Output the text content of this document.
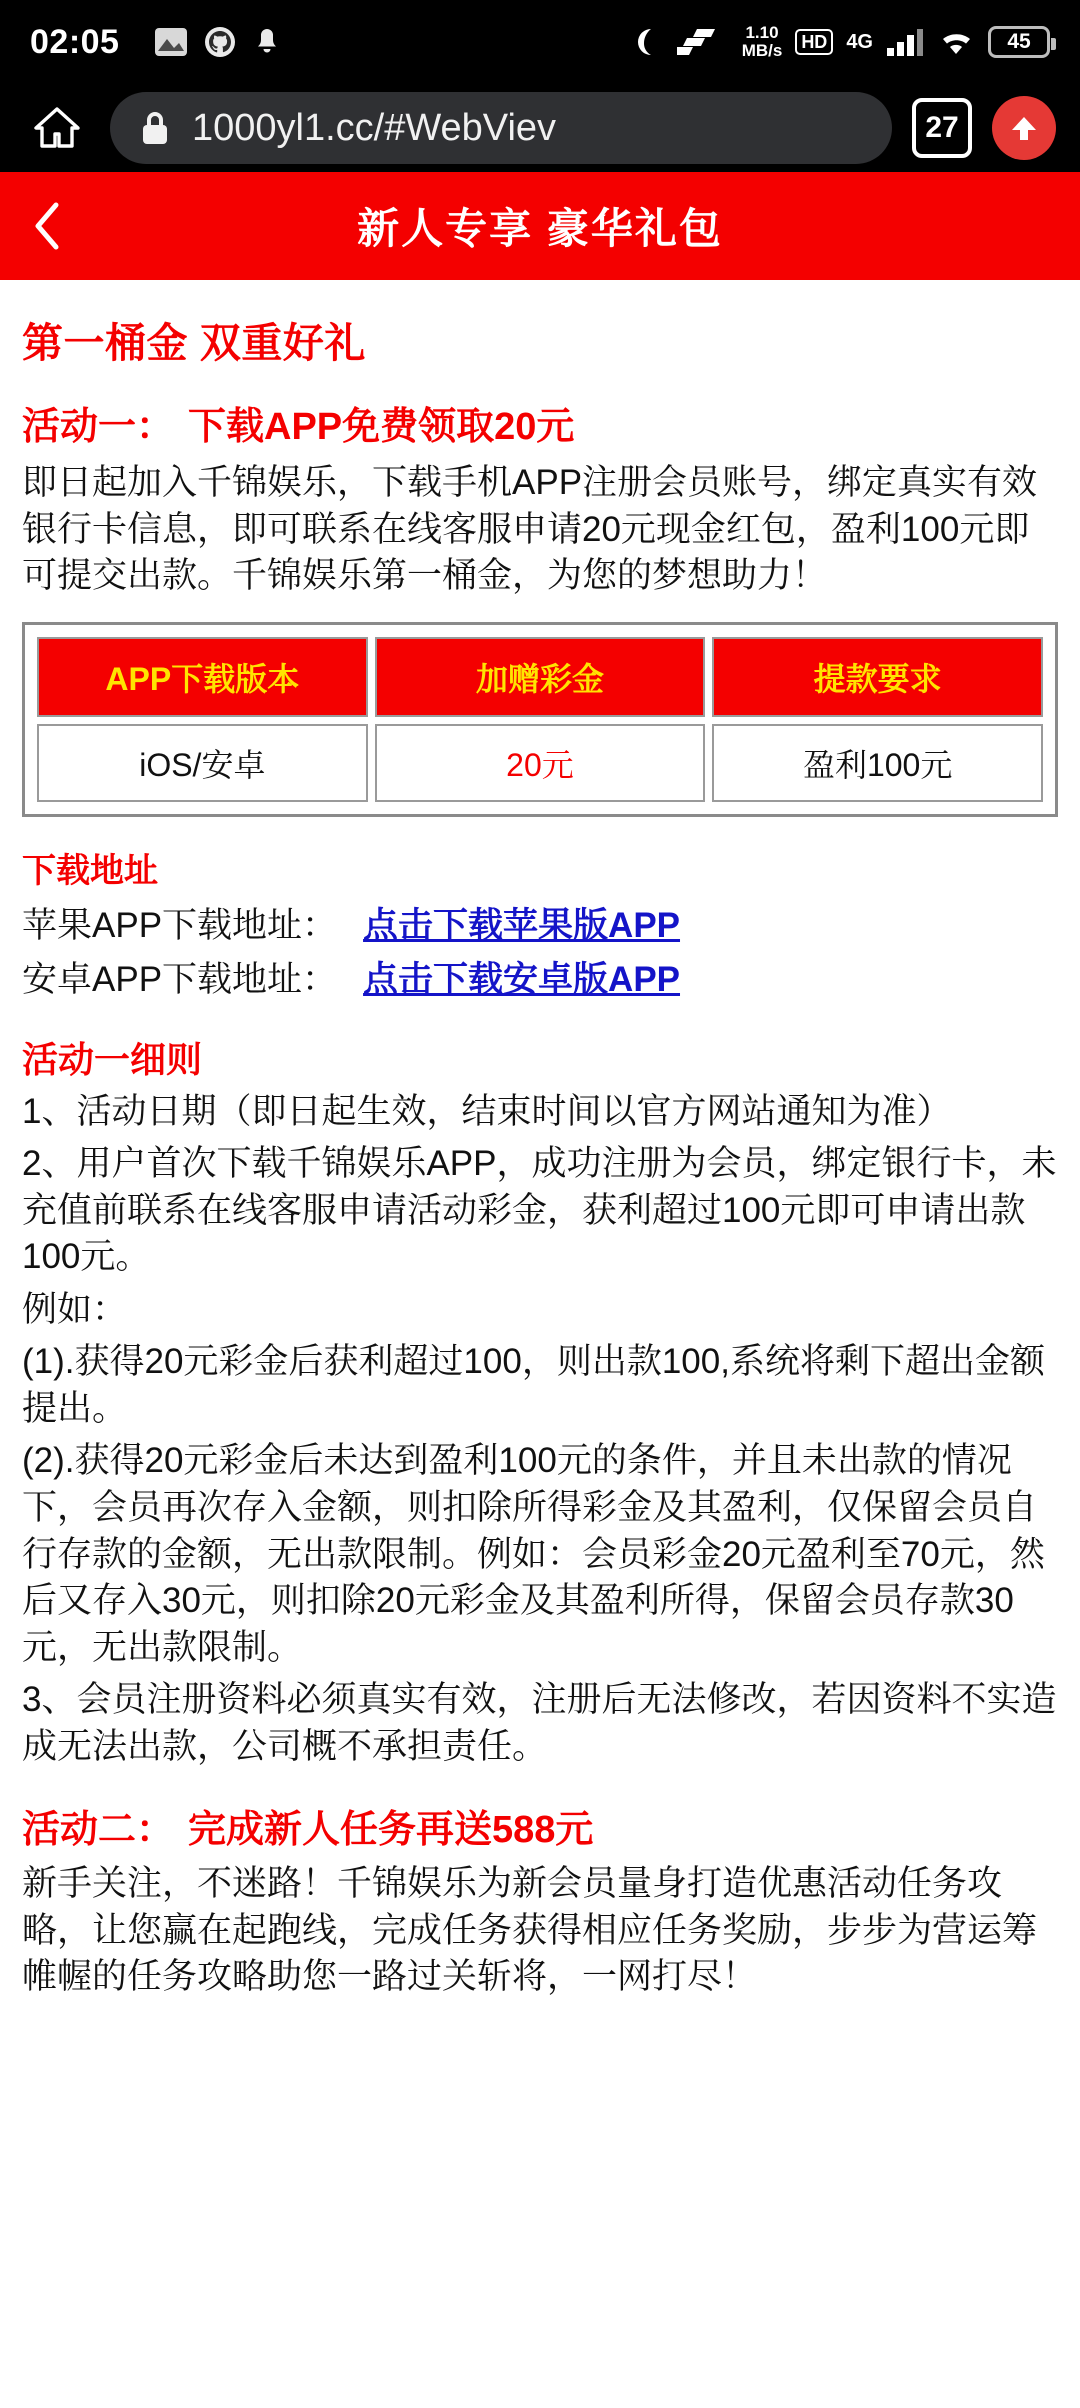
02:05	1.10
MB/s	HD 4G	45
1000yl1.cc/#WebViev	27
新人专享 豪华礼包
第一桶金 双重好礼
活动一： 下载APP免费领取20元

即日起加入千锦娱乐，下载手机APP注册会员账号，绑定真实有效银行卡信息，即可联系在线客服申请20元现金红包，盈利100元即可提交出款。千锦娱乐第一桶金，为您的梦想助力！

APP下载版本	加赠彩金	提款要求
iOS/安卓	20元	盈利100元
下载地址
苹果APP下载地址： 点击下载苹果版APP
安卓APP下载地址： 点击下载安卓版APP
活动一细则

1、活动日期（即日起生效，结束时间以官方网站通知为准）

2、用户首次下载千锦娱乐APP，成功注册为会员，绑定银行卡，未充值前联系在线客服申请活动彩金，获利超过100元即可申请出款100元。

例如：

(1).获得20元彩金后获利超过100，则出款100,系统将剩下超出金额提出。

(2).获得20元彩金后未达到盈利100元的条件，并且未出款的情况下，会员再次存入金额，则扣除所得彩金及其盈利，仅保留会员自行存款的金额，无出款限制。例如：会员彩金20元盈利至70元，然后又存入30元，则扣除20元彩金及其盈利所得，保留会员存款30元，无出款限制。

3、会员注册资料必须真实有效，注册后无法修改，若因资料不实造成无法出款，公司概不承担责任。

活动二： 完成新人任务再送588元

新手关注，不迷路！千锦娱乐为新会员量身打造优惠活动任务攻略，让您赢在起跑线，完成任务获得相应任务奖励，步步为营运筹帷幄的任务攻略助您一路过关斩将，一网打尽！
